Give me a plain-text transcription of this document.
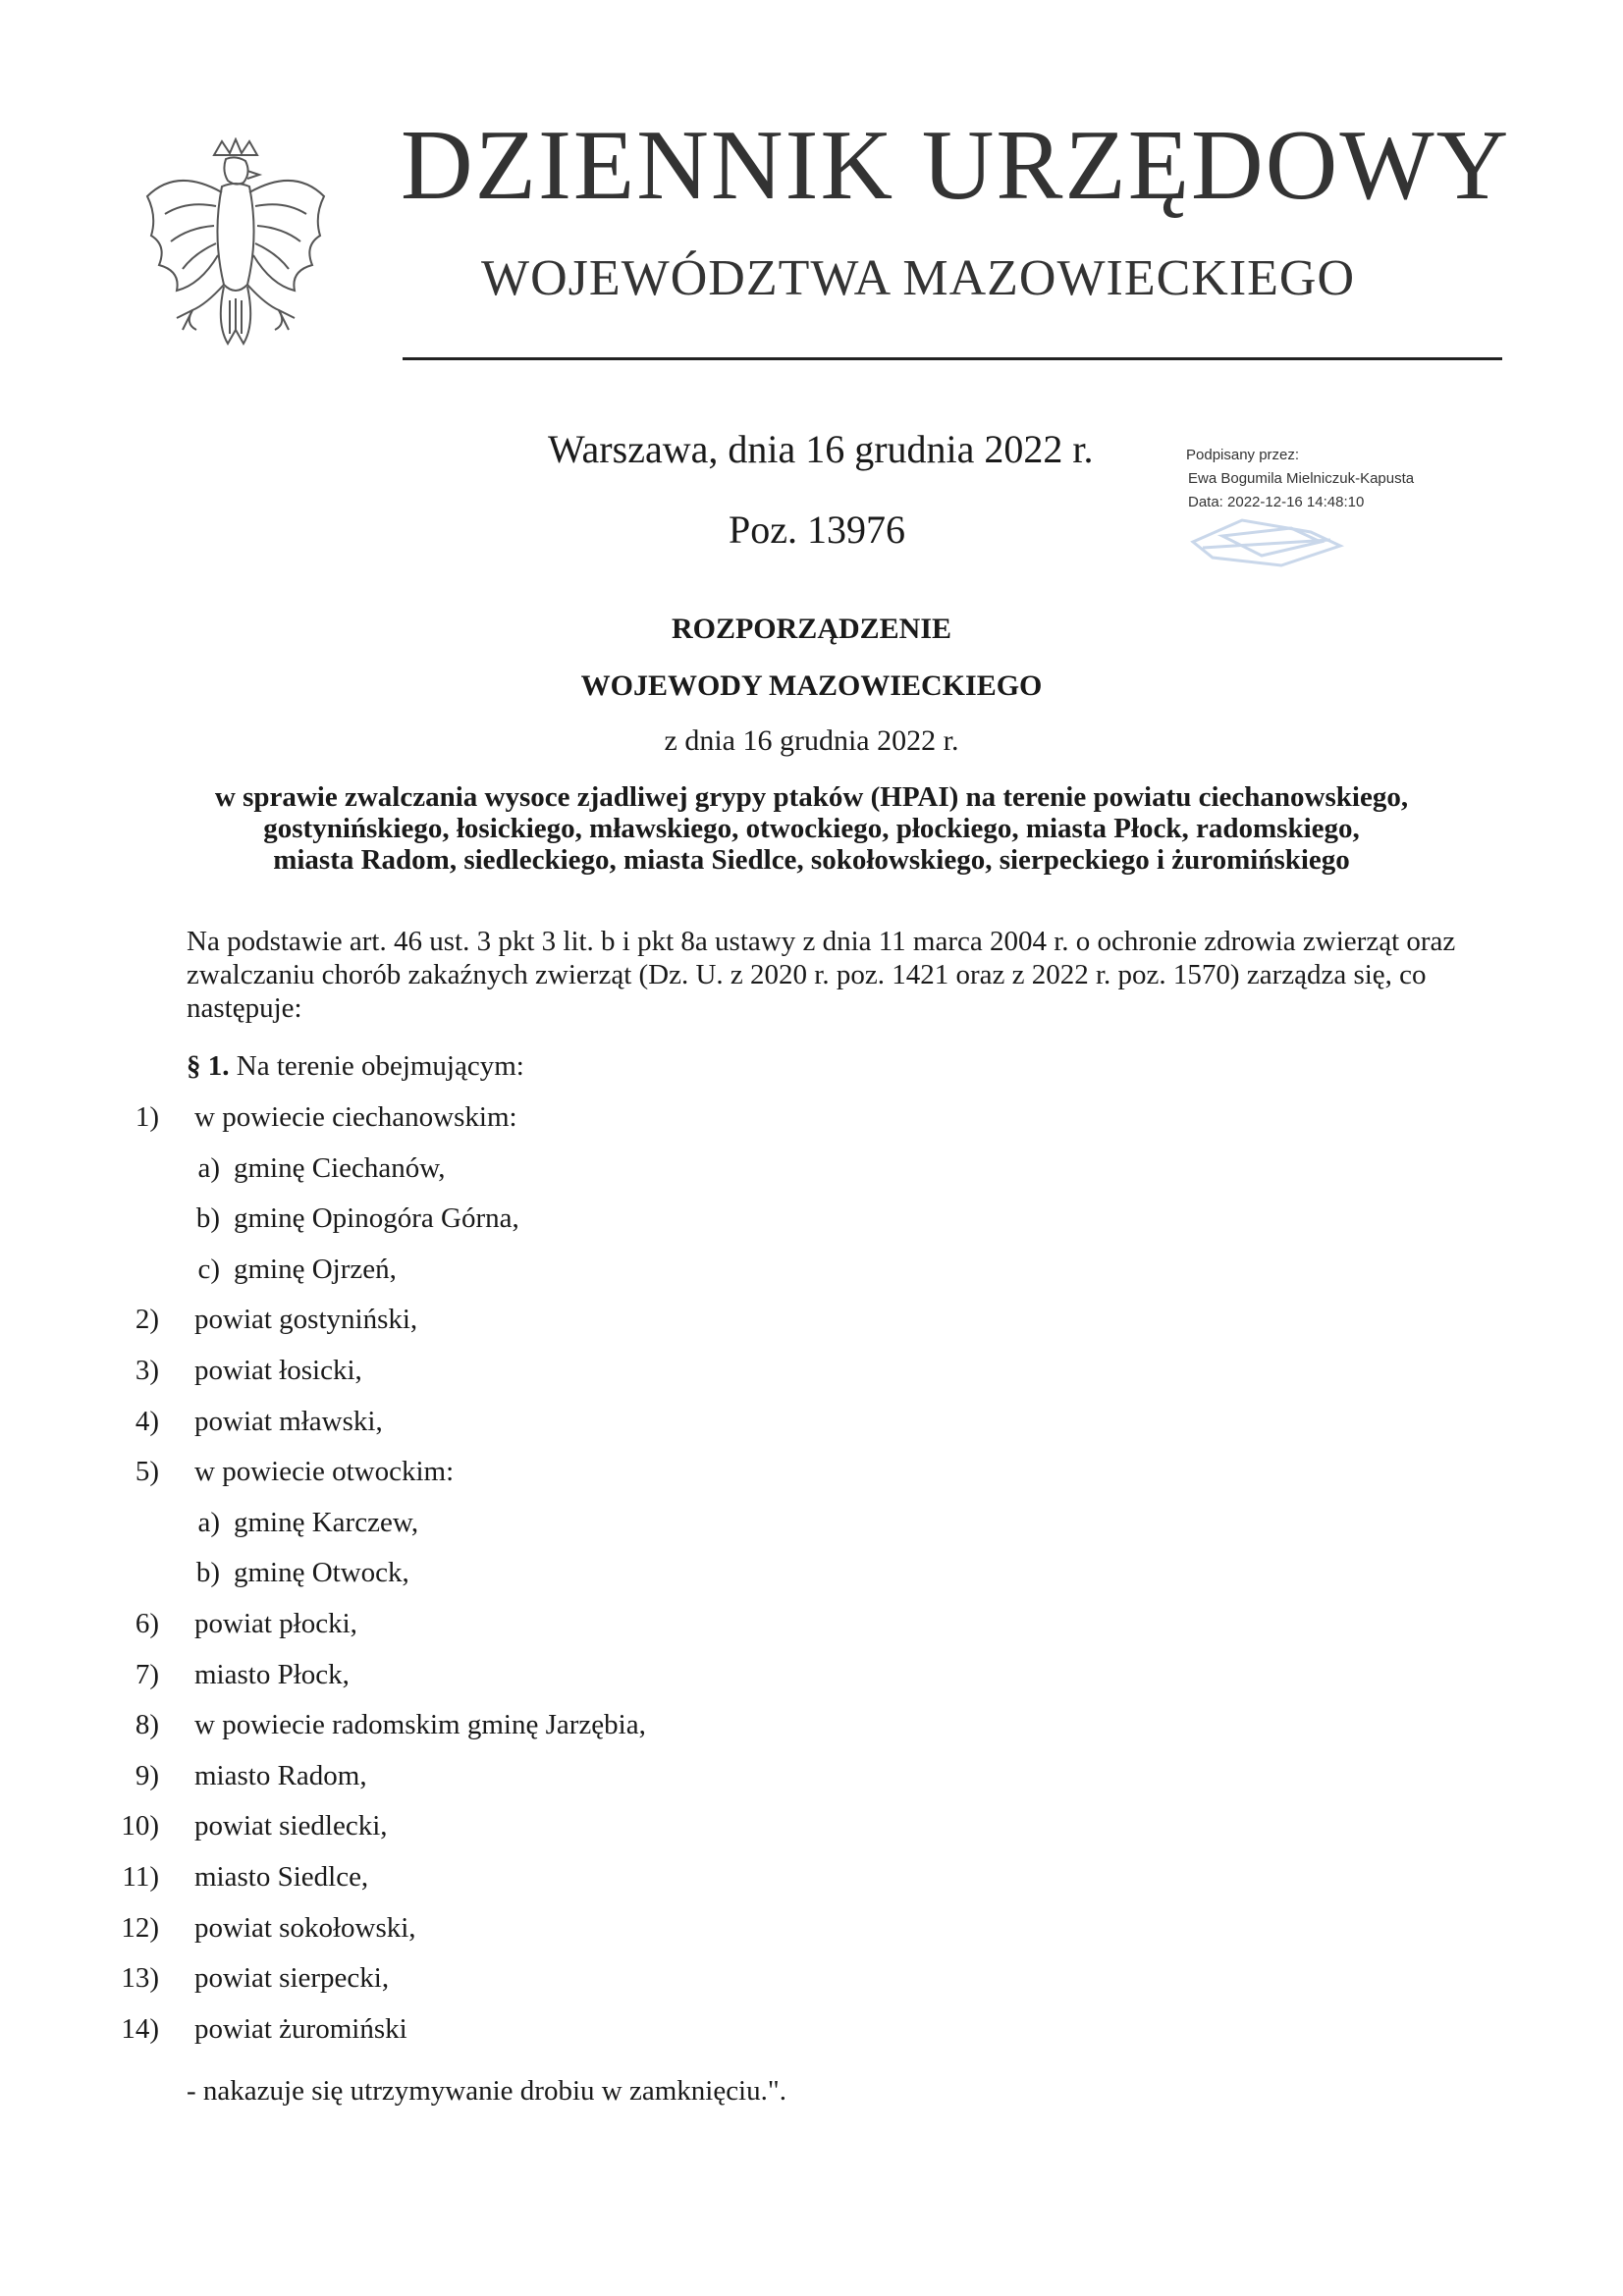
DZIENNIK URZĘDOWY
WOJEWÓDZTWA MAZOWIECKIEGO
Warszawa, dnia 16 grudnia 2022 r.
Poz. 13976
Podpisany przez:
Ewa Bogumila Mielniczuk-Kapusta
Data: 2022-12-16 14:48:10
ROZPORZĄDZENIE
WOJEWODY MAZOWIECKIEGO
z dnia 16 grudnia 2022 r.
w sprawie zwalczania wysoce zjadliwej grypy ptaków (HPAI) na terenie powiatu ciechanowskiego,
gostynińskiego, łosickiego, mławskiego, otwockiego, płockiego, miasta Płock, radomskiego,
miasta Radom, siedleckiego, miasta Siedlce, sokołowskiego, sierpeckiego i żuromińskiego
Na podstawie art. 46 ust. 3 pkt 3 lit. b i pkt 8a ustawy z dnia 11 marca 2004 r. o ochronie zdrowia zwierząt oraz zwalczaniu chorób zakaźnych zwierząt (Dz. U. z 2020 r. poz. 1421 oraz z 2022 r. poz. 1570) zarządza się, co następuje:
§ 1. Na terenie obejmującym:
1) w powiecie ciechanowskim:
a) gminę Ciechanów,
b) gminę Opinogóra Górna,
c) gminę Ojrzeń,
2) powiat gostyniński,
3) powiat łosicki,
4) powiat mławski,
5) w powiecie otwockim:
a) gminę Karczew,
b) gminę Otwock,
6) powiat płocki,
7) miasto Płock,
8) w powiecie radomskim gminę Jarzębia,
9) miasto Radom,
10) powiat siedlecki,
11) miasto Siedlce,
12) powiat sokołowski,
13) powiat sierpecki,
14) powiat żuromiński
- nakazuje się utrzymywanie drobiu w zamknięciu.".
